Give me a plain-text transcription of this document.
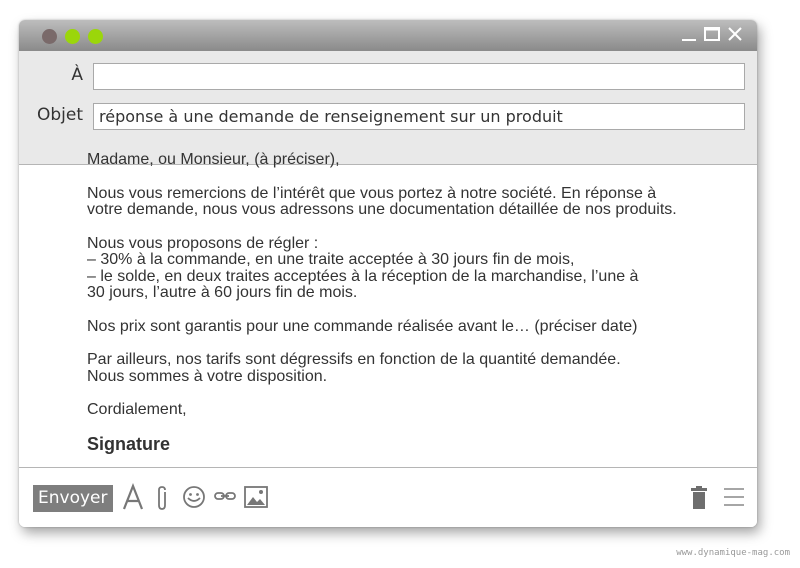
À
Objet	réponse à une demande de renseignement sur un produit

Madame, ou Monsieur, (à préciser),

Nous vous remercions de l’intérêt que vous portez à notre société. En réponse à
votre demande, nous vous adressons une documentation détaillée de nos produits.

Nous vous proposons de régler :
– 30% à la commande, en une traite acceptée à 30 jours fin de mois,
– le solde, en deux traites acceptées à la réception de la marchandise, l’une à
30 jours, l’autre à 60 jours fin de mois.

Nos prix sont garantis pour une commande réalisée avant le… (préciser date)

Par ailleurs, nos tarifs sont dégressifs en fonction de la quantité demandée.
Nous sommes à votre disposition.

Cordialement,

Signature

Envoyer
www.dynamique-mag.com
